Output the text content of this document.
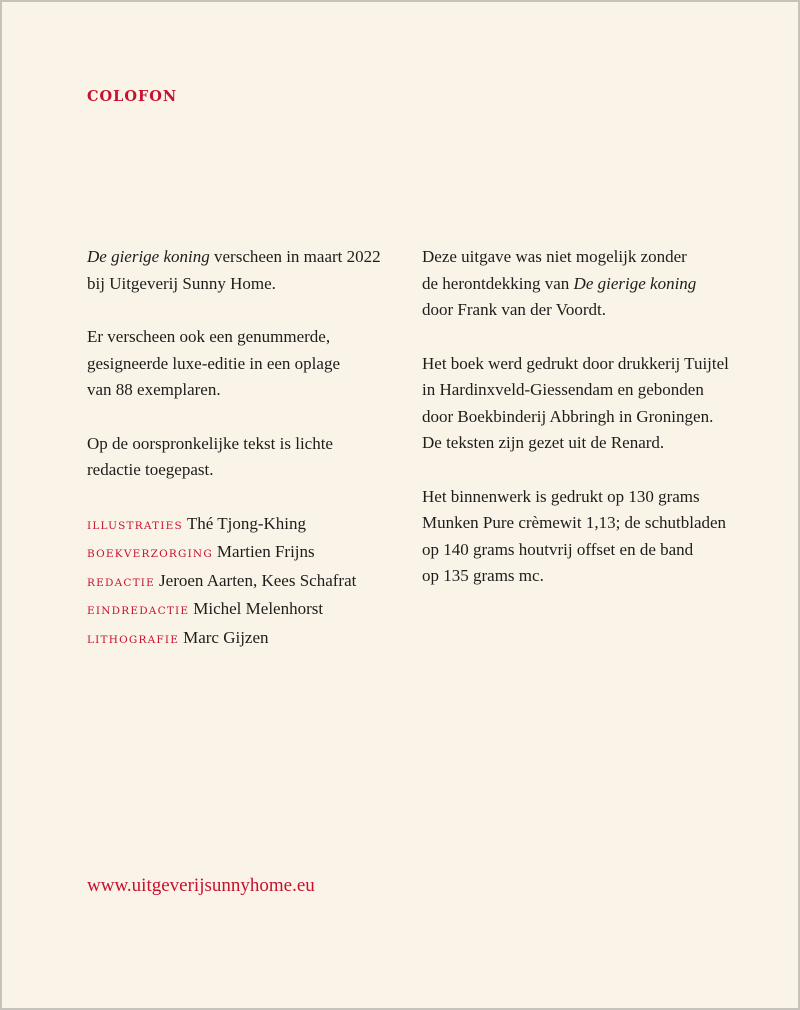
COLOFON

De gierige koning verscheen in maart 2022
bij Uitgeverij Sunny Home.

Er verscheen ook een genummerde,
gesigneerde luxe-editie in een oplage
van 88 exemplaren.

Op de oorspronkelijke tekst is lichte
redactie toegepast.

ILLUSTRATIES Thé Tjong-Khing
BOEKVERZORGING Martien Frijns
REDACTIE Jeroen Aarten, Kees Schafrat
EINDREDACTIE Michel Melenhorst
LITHOGRAFIE Marc Gijzen

Deze uitgave was niet mogelijk zonder
de herontdekking van De gierige koning
door Frank van der Voordt.

Het boek werd gedrukt door drukkerij Tuijtel
in Hardinxveld-Giessendam en gebonden
door Boekbinderij Abbringh in Groningen.
De teksten zijn gezet uit de Renard.

Het binnenwerk is gedrukt op 130 grams
Munken Pure crèmewit 1,13; de schutbladen
op 140 grams houtvrij offset en de band
op 135 grams mc.

www.uitgeverijsunnyhome.eu
